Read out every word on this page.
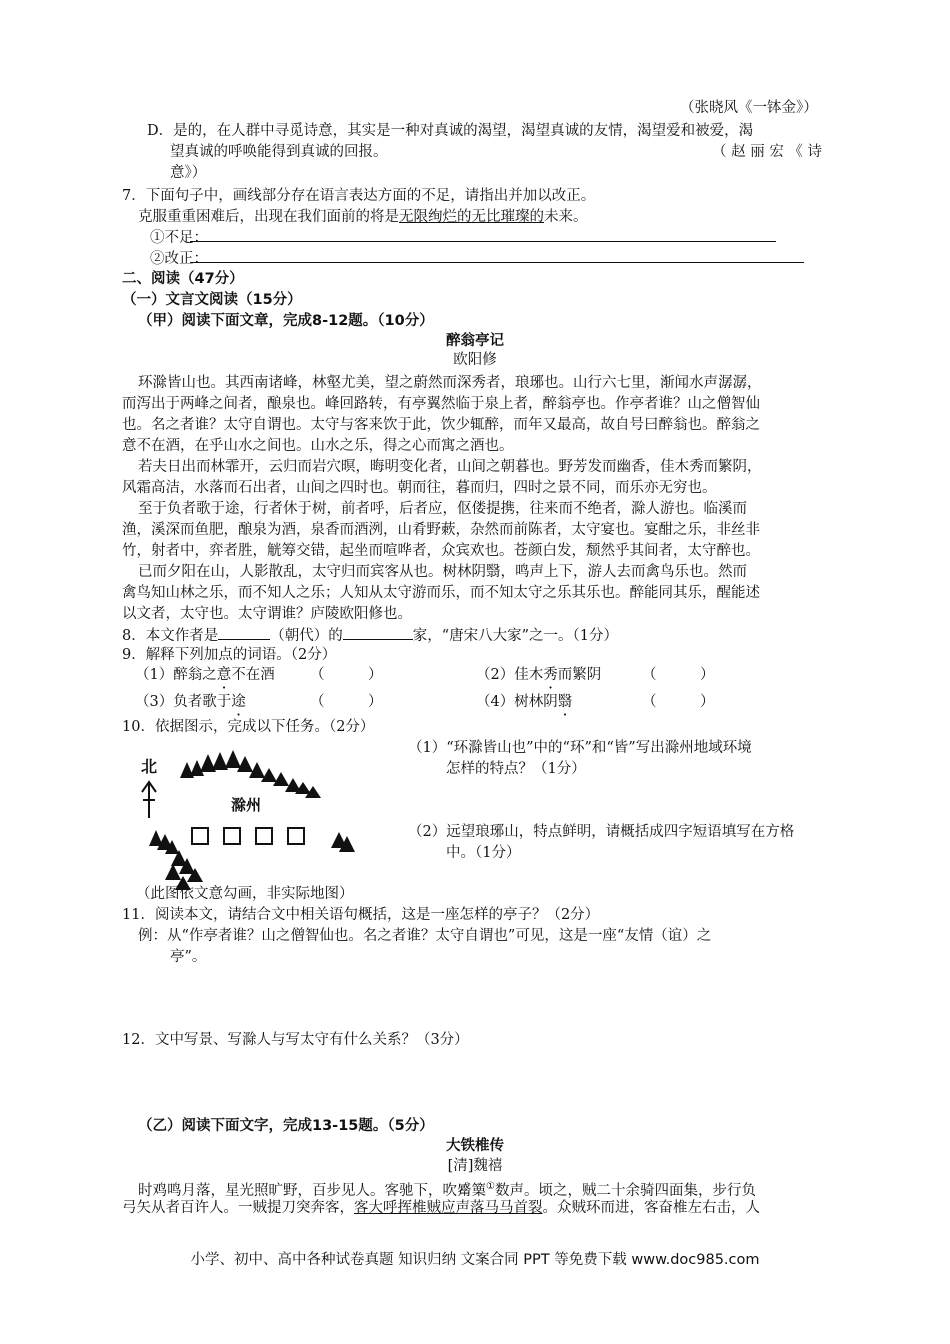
（张晓风《一钵金》）
D．是的，在人群中寻觅诗意，其实是一种对真诚的渴望，渴望真诚的友情，渴望爱和被爱，渴
望真诚的呼唤能得到真诚的回报。	（ 赵 丽 宏 《 诗
意》）
7．下面句子中，画线部分存在语言表达方面的不足，请指出并加以改正。
克服重重困难后，出现在我们面前的将是无限绚烂的无比璀璨的未来。
①不足：
②改正：
二、阅读（47分）
（一）文言文阅读（15分）
（甲）阅读下面文章，完成8-12题。（10分）
醉翁亭记
欧阳修
环滁皆山也。其西南诸峰，林壑尤美，望之蔚然而深秀者，琅琊也。山行六七里，渐闻水声潺潺，
而泻出于两峰之间者，酿泉也。峰回路转，有亭翼然临于泉上者，醉翁亭也。作亭者谁？山之僧智仙
也。名之者谁？太守自谓也。太守与客来饮于此，饮少辄醉，而年又最高，故自号曰醉翁也。醉翁之
意不在酒，在乎山水之间也。山水之乐，得之心而寓之酒也。
若夫日出而林霏开，云归而岩穴暝，晦明变化者，山间之朝暮也。野芳发而幽香，佳木秀而繁阴，
风霜高洁，水落而石出者，山间之四时也。朝而往，暮而归，四时之景不同，而乐亦无穷也。
至于负者歌于途，行者休于树，前者呼，后者应，伛偻提携，往来而不绝者，滁人游也。临溪而
渔，溪深而鱼肥，酿泉为酒，泉香而酒洌，山肴野蔌，杂然而前陈者，太守宴也。宴酣之乐，非丝非
竹，射者中，弈者胜，觥筹交错，起坐而喧哗者，众宾欢也。苍颜白发，颓然乎其间者，太守醉也。
已而夕阳在山，人影散乱，太守归而宾客从也。树林阴翳，鸣声上下，游人去而禽鸟乐也。然而
禽鸟知山林之乐，而不知人之乐；人知从太守游而乐，而不知太守之乐其乐也。醉能同其乐，醒能述
以文者，太守也。太守谓谁？庐陵欧阳修也。
8．本文作者是	（朝代）的	家，“唐宋八大家”之一。（1分）
9．解释下列加点的词语。（2分）
（1）醉翁之意不在酒 （　　　）	（2）佳木秀而繁阴	（　　　）
（3）负者歌于途	（　　　）	（4）树林阴翳	（　　　）
10．依据图示，完成以下任务。（2分）
（1）“环滁皆山也”中的“环”和“皆”写出滁州地域环境
怎样的特点？（1分）
（2）远望琅琊山，特点鲜明，请概括成四字短语填写在方格
中。（1分）
北
滁州
（此图依文意勾画，非实际地图）
11．阅读本文，请结合文中相关语句概括，这是一座怎样的亭子？（2分）
例：从“作亭者谁？山之僧智仙也。名之者谁？太守自谓也”可见，这是一座“友情（谊）之
亭”。
12．文中写景、写滁人与写太守有什么关系？（3分）
（乙）阅读下面文字，完成13-15题。（5分）
大铁椎传
[清]魏禧
时鸡鸣月落，星光照旷野，百步见人。客驰下，吹觱篥①数声。顷之，贼二十余骑四面集，步行负
弓矢从者百许人。一贼提刀突奔客，客大呼挥椎贼应声落马马首裂。众贼环而进，客奋椎左右击，人
小学、初中、高中各种试卷真题 知识归纳 文案合同 PPT 等免费下载 www.doc985.com
